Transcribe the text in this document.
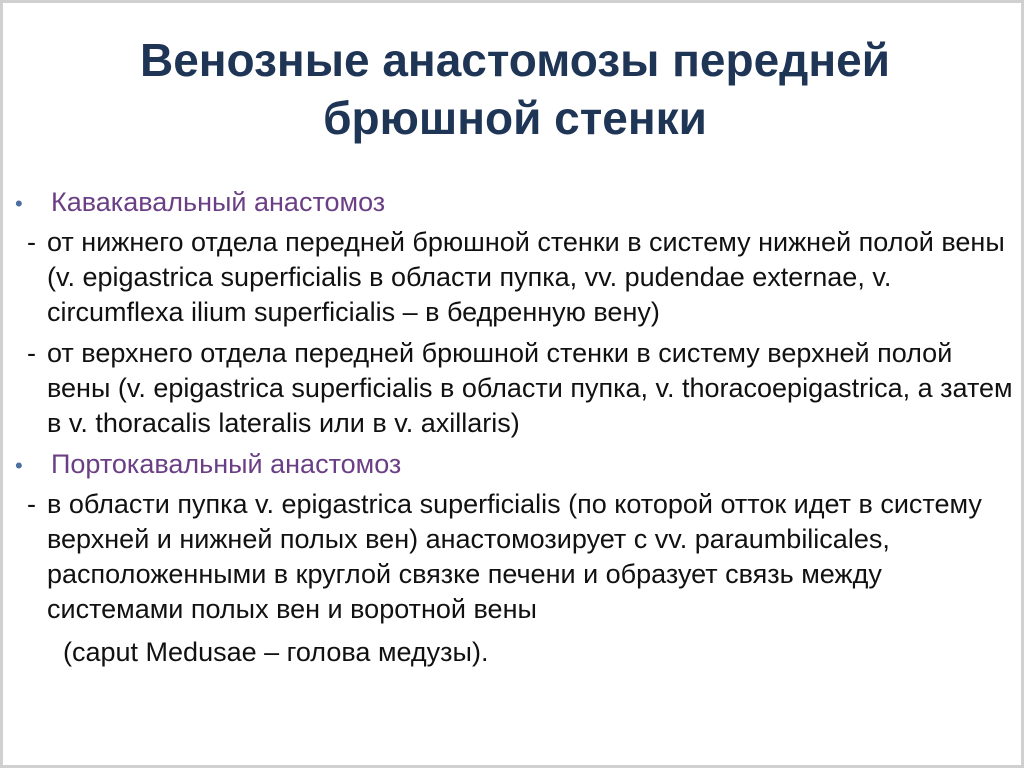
Венозные анастомозы передней
брюшной стенки
•	Кавакавальный анастомоз
- от нижнего отдела передней брюшной стенки в систему нижней полой вены (v. epigastrica superficialis в области пупка, vv. pudendae externae, v. circumflexa ilium superficialis – в бедренную вену)
- от верхнего отдела передней брюшной стенки в систему верхней полой вены (v. epigastrica superficialis в области пупка, v. thoracoepigastrica, а затем в v. thoracalis lateralis или в v. axillaris)
•	Портокавальный анастомоз
- в области пупка v. epigastrica superficialis (по которой отток идет в систему верхней и нижней полых вен) анастомозирует с vv. paraumbilicales, расположенными в круглой связке печени и образует связь между системами полых вен и воротной вены
(caput Medusae – голова медузы).
